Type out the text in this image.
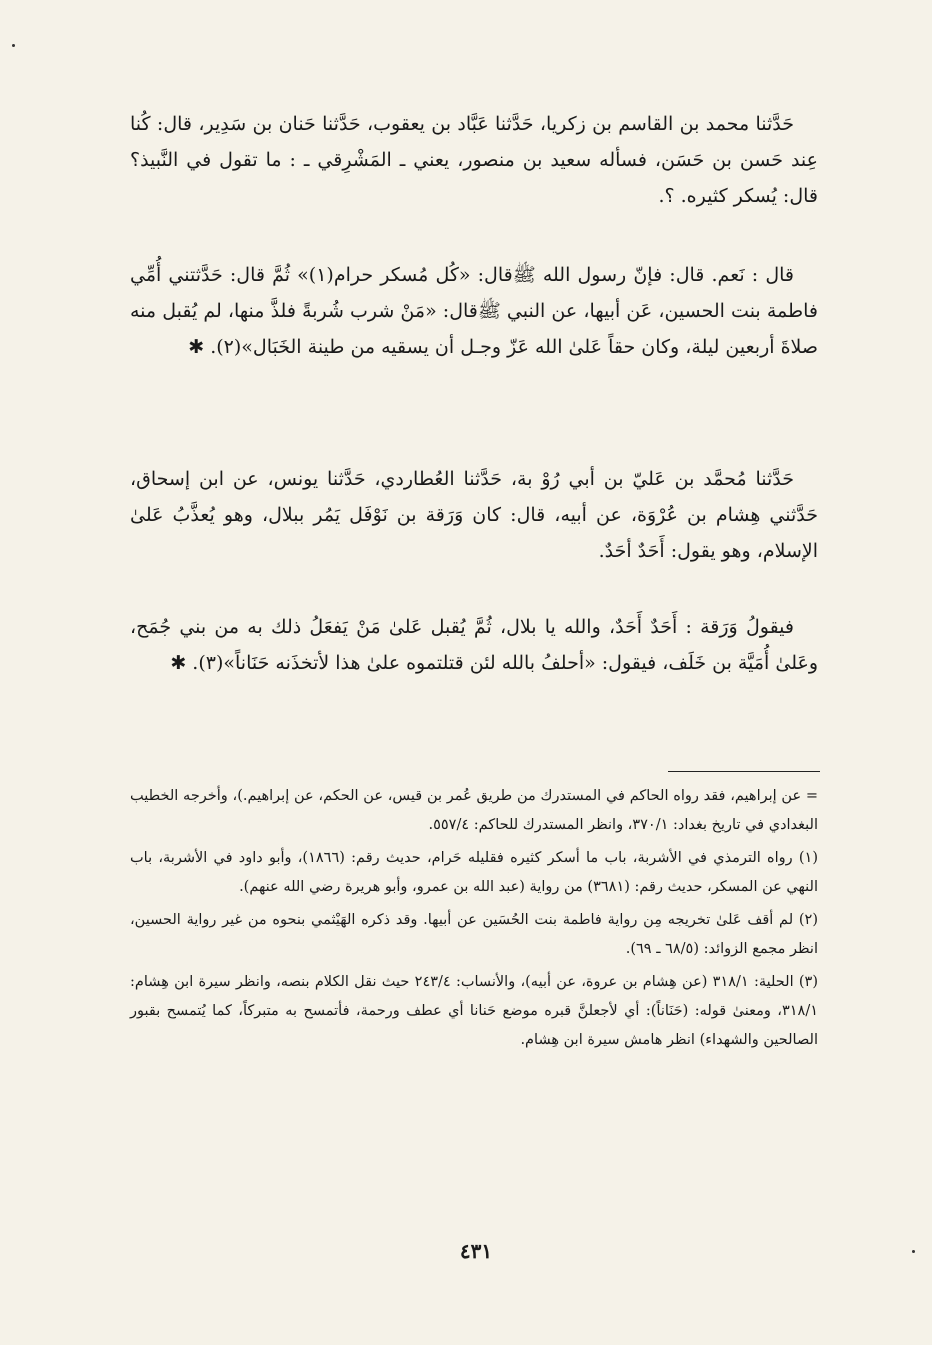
حَدَّثنا محمد بن القاسم بن زكريا، حَدَّثنا عَبَّاد بن يعقوب، حَدَّثنا حَنان بن سَدِير، قال: كُنا عِند حَسن بن حَسَن، فسأله سعيد بن منصور، يعني ـ المَشْرِقي ـ : ما تقول في النَّبيذ؟ قال: يُسكر كثيره. ؟.

قال : نَعم. قال: فإنّ رسول الله ﷺقال: «كُل مُسكر حرام(١)» ثُمَّ قال: حَدَّثتني أُمِّي فاطمة بنت الحسين، عَن أبيها، عن النبي ﷺقال: «مَنْ شرب شُربةً فلذَّ منها، لم يُقبل منه صلاةَ أربعين ليلة، وكان حقاً عَلىٰ الله عَزّ وجـل أن يسقيه من طينة الخَبَال»(٢). ✱

حَدَّثنا مُحمَّد بن عَليّ بن أبي رُوْ بة، حَدَّثنا العُطاردي، حَدَّثنا يونس، عن ابن إسحاق، حَدَّثني هِشام بن عُرْوَة، عن أبيه، قال: كان وَرَقة بن نَوْفَل يَمُر ببلال، وهو يُعذَّبُ عَلىٰ الإسلام، وهو يقول: أَحَدٌ أحَدٌ.

فيقولُ وَرَقة : أَحَدٌ أَحَدٌ، والله يا بلال، ثُمَّ يُقبل عَلىٰ مَنْ يَفعَلُ ذلك به من بني جُمَح، وعَلىٰ أُمَيَّة بن خَلَف، فيقول: «أحلفُ بالله لئن قتلتموه علىٰ هذا لأتخذَنه حَنَاناً»(٣). ✱

= عن إبراهيم، فقد رواه الحاكم في المستدرك من طريق عُمر بن قيس، عن الحكم، عن إبراهيم.)، وأخرجه الخطيب البغدادي في تاريخ بغداد: ٣٧٠/١، وانظر المستدرك للحاكم: ٥٥٧/٤.

(١) رواه الترمذي في الأشربة، باب ما أسكر كثيره فقليله حَرام، حديث رقم: (١٨٦٦)، وأبو داود في الأشربة، باب النهي عن المسكر، حديث رقم: (٣٦٨١) من رواية (عبد الله بن عمرو، وأبو هريرة رضي الله عنهم).

(٢) لم أقف عَلىٰ تخريجه مِن رواية فاطمة بنت الحُسَين عن أبيها. وقد ذكره الهَيْثمي بنحوه من غير رواية الحسين، انظر مجمع الزوائد: (٦٨/٥ ـ ٦٩).

(٣) الحلية: ٣١٨/١ (عن هِشام بن عروة، عن أبيه)، والأنساب: ٢٤٣/٤ حيث نقل الكلام بنصه، وانظر سيرة ابن هِشام: ٣١٨/١، ومعنىٰ قوله: (حَنَاناً): أي لأجعلنَّ قبره موضع حَنانا أي عطف ورحمة، فأتمسح به متبركاً، كما يُتمسح بقبور الصالحين والشهداء) انظر هامش سيرة ابن هِشام.

٤٣١
